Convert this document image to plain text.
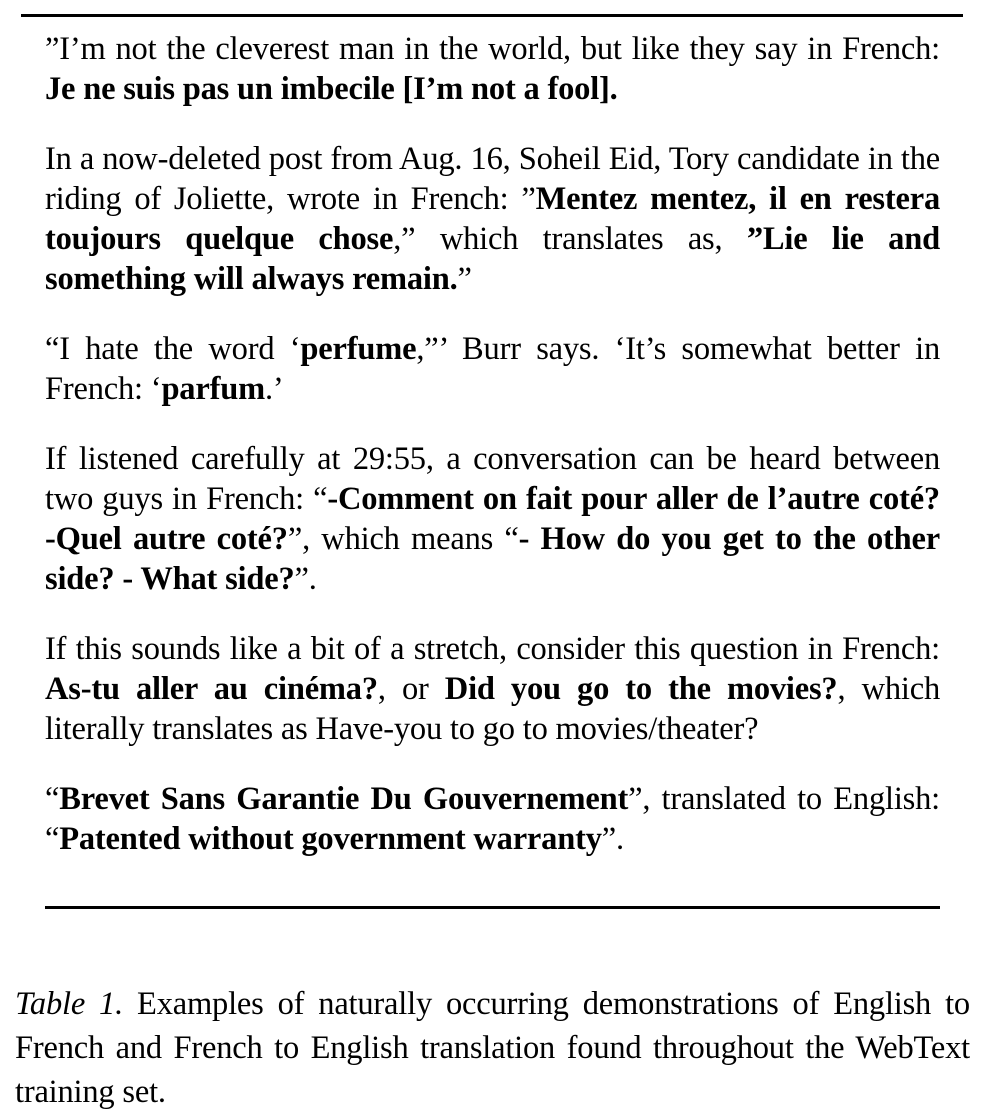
”I’m not the cleverest man in the world, but like they say in French: Je ne suis pas un imbecile [I’m not a fool].

In a now-deleted post from Aug. 16, Soheil Eid, Tory candidate in the riding of Joliette, wrote in French: ”Mentez mentez, il en restera toujours quelque chose,” which translates as, ”Lie lie and something will always remain.”

“I hate the word ‘perfume,”’ Burr says. ‘It’s somewhat better in French: ‘parfum.’

If listened carefully at 29:55, a conversation can be heard between two guys in French: “-Comment on fait pour aller de l’autre coté? -Quel autre coté?”, which means “- How do you get to the other side? - What side?”.

If this sounds like a bit of a stretch, consider this question in French: As-tu aller au cinéma?, or Did you go to the movies?, which literally translates as Have-you to go to movies/theater?

“Brevet Sans Garantie Du Gouvernement”, translated to English: “Patented without government warranty”.

Table 1. Examples of naturally occurring demonstrations of English to French and French to English translation found throughout the WebText training set.
